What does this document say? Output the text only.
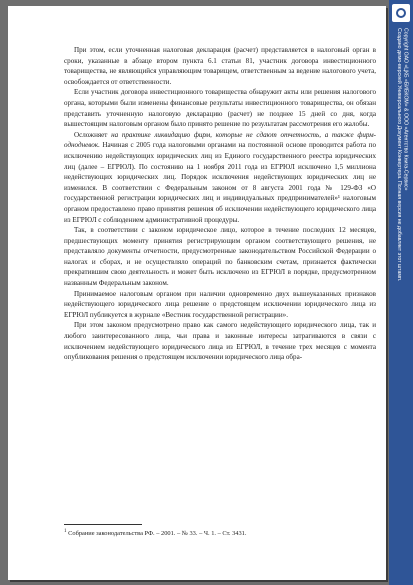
При этом, если уточненная налоговая декларация (расчет) представляется в налоговый орган в сроки, указанные в абзаце втором пункта 6.1 статьи 81, участник договора инвестиционного товарищества, не являющийся управляющим товарищем, ответственным за ведение налогового учета, освобождается от ответственности.

Если участник договора инвестиционного товарищества обнаружит акты или решения налогового органа, которыми были изменены финансовые результаты инвестиционного товарищества, он обязан представить уточненную налоговую декларацию (расчет) не позднее 15 дней со дня, когда вышестоящим налоговым органом было принято решение по результатам рассмотрения его жалобы.

Осложняет на практике ликвидацию фирм, которые не сдают отчетность, а также фирм-однодневок. Начиная с 2005 года налоговыми органами на постоянной основе проводится работа по исключению недействующих юридических лиц из Единого государственного реестра юридических лиц (далее – ЕГРЮЛ). По состоянию на 1 ноября 2011 года из ЕГРЮЛ исключено 1,5 миллиона недействующих юридических лиц. Порядок исключения недействующих юридических лиц не изменился. В соответствии с Федеральным законом от 8 августа 2001 года № 129-ФЗ «О государственной регистрации юридических лиц и индивидуальных предпринимателей»¹ налоговым органом предоставлено право принятия решения об исключении недействующего юридического лица из ЕГРЮЛ с соблюдением административной процедуры.

Так, в соответствии с законом юридическое лицо, которое в течение последних 12 месяцев, предшествующих моменту принятия регистрирующим органом соответствующего решения, не представляло документы отчетности, предусмотренные законодательством Российской Федерации о налогах и сборах, и не осуществляло операций по банковским счетам, признается фактически прекратившим свою деятельность и может быть исключено из ЕГРЮЛ в порядке, предусмотренном названным Федеральным законом.

Принимаемое налоговым органом при наличии одновременно двух вышеуказанных признаков недействующего юридического лица решение о предстоящем исключении юридического лица из ЕГРЮЛ публикуется в журнале «Вестник государственной регистрации».

При этом законом предусмотрено право как самого недействующего юридического лица, так и любого заинтересованного лица, чьи права и законные интересы затрагиваются в связи с исключением недействующего юридического лица из ЕГРЮЛ, в течение трех месяцев с момента опубликования решения о предстоящем исключении юридического лица обра-

$^1$ Собрание законодательства РФ. – 2001. – № 33. – Ч. 1. – Ст. 3431.
Copyright ОАО «ЦКБ «БИБКОМ» & ООО «Aгентство Книга-Сервис»
Создано демо-версией Универсального Документ Конвертера. Полная версия не добавляет этот штамп.
